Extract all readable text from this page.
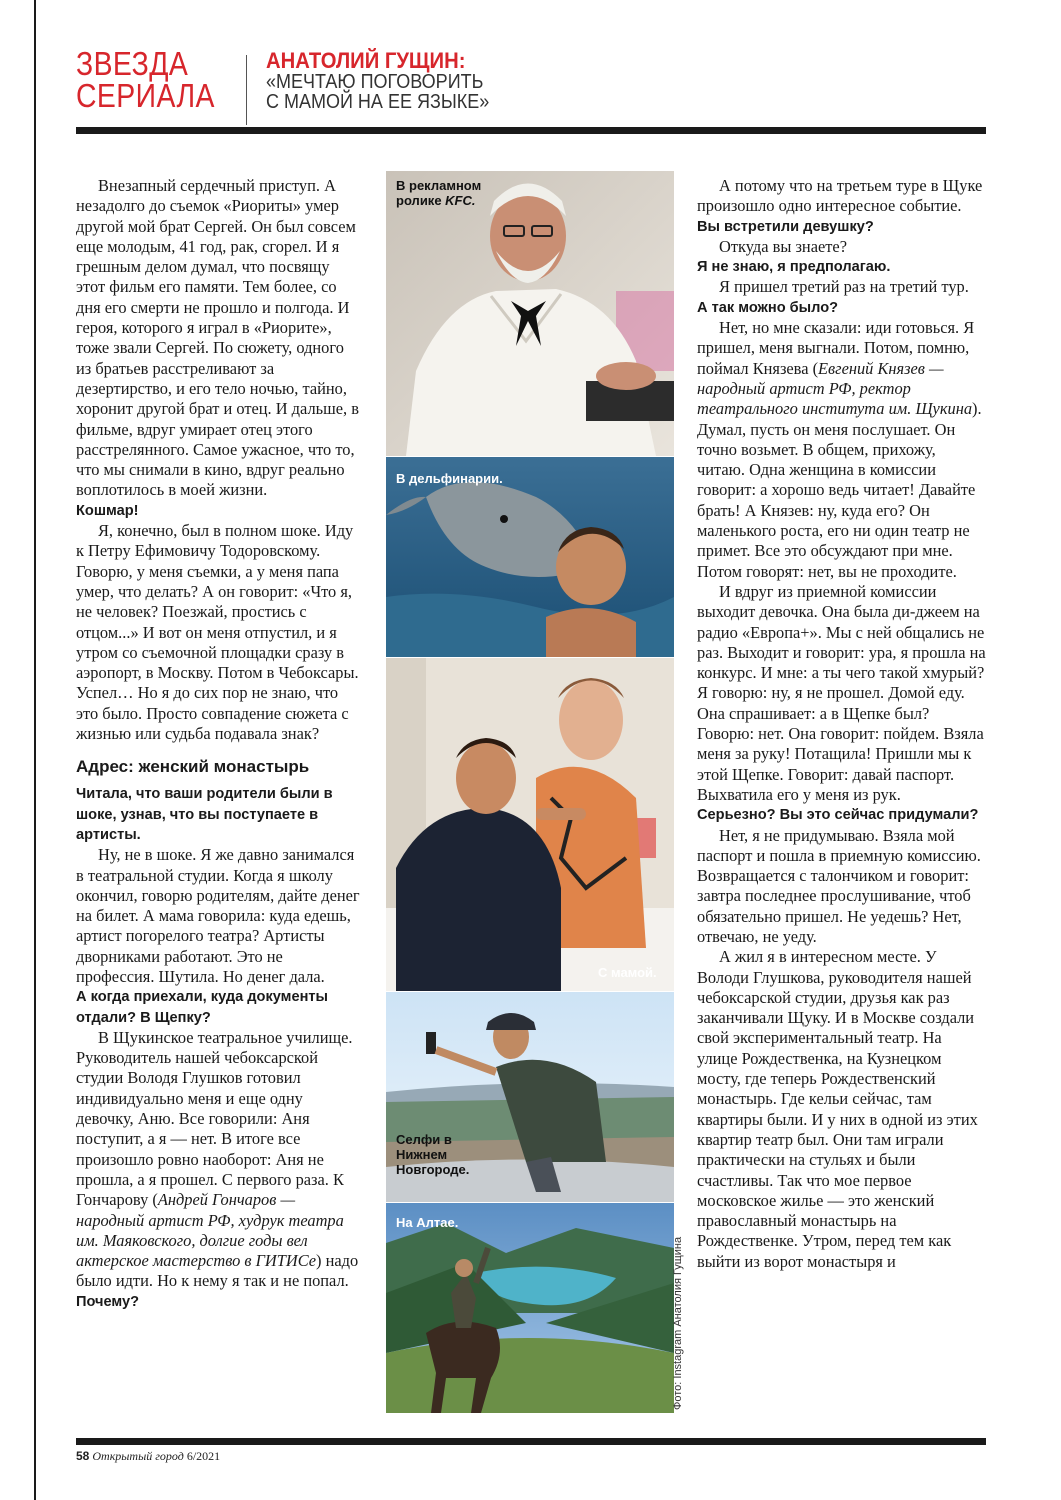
ЗВЕЗДА
СЕРИАЛА
АНАТОЛИЙ ГУЩИН:
«МЕЧТАЮ ПОГОВОРИТЬ
С МАМОЙ НА ЕЕ ЯЗЫКЕ»

Внезапный сердечный приступ. А незадолго до съемок «Риориты» умер другой мой брат Сергей. Он был совсем еще молодым, 41 год, рак, сгорел. И я грешным делом думал, что посвящу этот фильм его памяти. Тем более, со дня его смерти не прошло и полгода. И героя, которого я играл в «Риорите», тоже звали Сергей. По сюжету, одного из братьев расстреливают за дезертирство, и его тело ночью, тайно, хоронит другой брат и отец. И дальше, в фильме, вдруг умирает отец этого расстрелянного. Самое ужасное, что то, что мы снимали в кино, вдруг реально воплотилось в моей жизни.

Кошмар!

Я, конечно, был в полном шоке. Иду к Петру Ефимовичу Тодоровскому. Говорю, у меня съемки, а у меня папа умер, что делать? А он говорит: «Что я, не человек? Поезжай, простись с отцом...» И вот он меня отпустил, и я утром со съемочной площадки сразу в аэропорт, в Москву. Потом в Чебоксары. Успел… Но я до сих пор не знаю, что это было. Просто совпадение сюжета с жизнью или судьба подавала знак?

Адрес: женский монастырь

Читала, что ваши родители были в шоке, узнав, что вы поступаете в артисты.

Ну, не в шоке. Я же давно занимался в театральной студии. Когда я школу окончил, говорю родителям, дайте денег на билет. А мама говорила: куда едешь, артист погорелого театра? Артисты дворниками работают. Это не профессия. Шутила. Но денег дала.

А когда приехали, куда документы отдали? В Щепку?

В Щукинское театральное училище. Руководитель нашей чебоксарской студии Володя Глушков готовил индивидуально меня и еще одну девочку, Аню. Все говорили: Аня поступит, а я — нет. В итоге все произошло ровно наоборот: Аня не прошла, а я прошел. С первого раза. К Гончарову (Андрей Гончаров — народный артист РФ, худрук театра им. Маяковского, долгие годы вел актерское мастерство в ГИТИСе) надо было идти. Но к нему я так и не попал.

Почему?

В рекламном
ролике KFC.
В дельфинарии.
С мамой.
Селфи в
Нижнем
Новгороде.
На Алтае.
Фото: Instagram Анатолия Гущина

А потому что на третьем туре в Щуке произошло одно интересное событие.

Вы встретили девушку?

Откуда вы знаете?

Я не знаю, я предполагаю.

Я пришел третий раз на третий тур.

А так можно было?

Нет, но мне сказали: иди готовься. Я пришел, меня выгнали. Потом, помню, поймал Князева (Евгений Князев — народный артист РФ, ректор театрального института им. Щукина). Думал, пусть он меня послушает. Он точно возьмет. В общем, прихожу, читаю. Одна женщина в комиссии говорит: а хорошо ведь читает! Давайте брать! А Князев: ну, куда его? Он маленького роста, его ни один театр не примет. Все это обсуждают при мне. Потом говорят: нет, вы не проходите.

И вдруг из приемной комиссии выходит девочка. Она была ди-джеем на радио «Европа+». Мы с ней общались не раз. Выходит и говорит: ура, я прошла на конкурс. И мне: а ты чего такой хмурый? Я говорю: ну, я не прошел. Домой еду. Она спрашивает: а в Щепке был? Говорю: нет. Она говорит: пойдем. Взяла меня за руку! Потащила! Пришли мы к этой Щепке. Говорит: давай паспорт. Выхватила его у меня из рук.

Серьезно? Вы это сейчас придумали?

Нет, я не придумываю. Взяла мой паспорт и пошла в приемную комиссию. Возвращается с талончиком и говорит: завтра последнее прослушивание, чтоб обязательно пришел. Не уедешь? Нет, отвечаю, не уеду.

А жил я в интересном месте. У Володи Глушкова, руководителя нашей чебоксарской студии, друзья как раз заканчивали Щуку. И в Москве создали свой экспериментальный театр. На улице Рождественка, на Кузнецком мосту, где теперь Рождественский монастырь. Где кельи сейчас, там квартиры были. И у них в одной из этих квартир театр был. Они там играли практически на стульях и были счастливы. Так что мое первое московское жилье — это женский православный монастырь на Рождественке. Утром, перед тем как выйти из ворот монастыря и

58 Открытый город 6/2021
